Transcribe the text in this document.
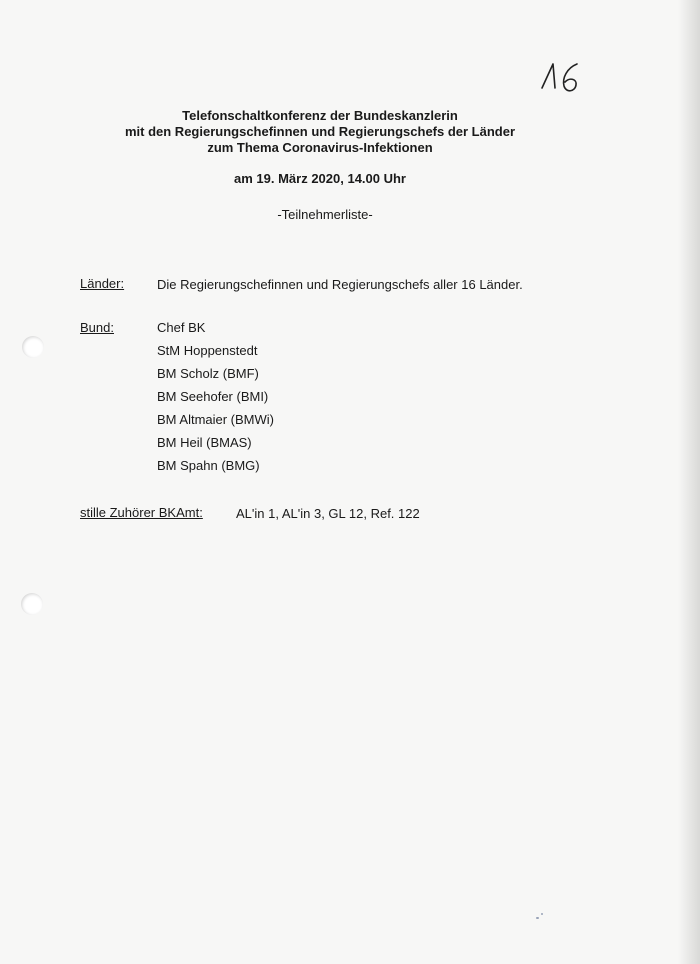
Telefonschaltkonferenz der Bundeskanzlerin
mit den Regierungschefinnen und Regierungschefs der Länder
zum Thema Coronavirus-Infektionen
am 19. März 2020, 14.00 Uhr
-Teilnehmerliste-
Länder:	Die Regierungschefinnen und Regierungschefs aller 16 Länder.
Bund:	Chef BK
StM Hoppenstedt
BM Scholz (BMF)
BM Seehofer (BMI)
BM Altmaier (BMWi)
BM Heil (BMAS)
BM Spahn (BMG)
stille Zuhörer BKAmt:	AL'in 1, AL'in 3, GL 12, Ref. 122
